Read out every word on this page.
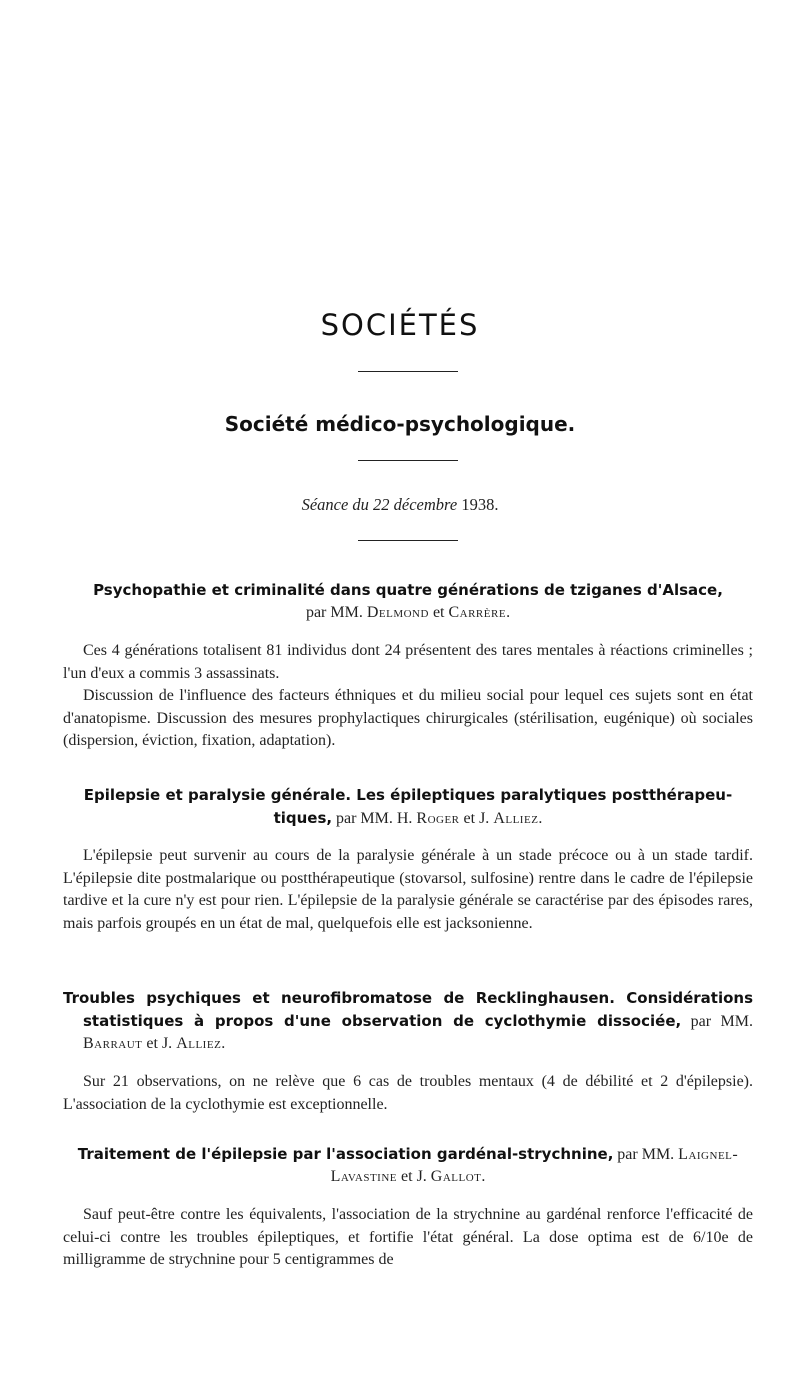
SOCIÉTÉS
Société médico-psychologique.
Séance du 22 décembre 1938.
Psychopathie et criminalité dans quatre générations de tziganes d'Alsace,
par MM. Delmond et Carrère.

Ces 4 générations totalisent 81 individus dont 24 présentent des tares mentales à réactions criminelles ; l'un d'eux a commis 3 assassinats.

Discussion de l'influence des facteurs éthniques et du milieu social pour lequel ces sujets sont en état d'anatopisme. Discussion des mesures prophylactiques chirurgicales (stérilisation, eugénique) où sociales (dispersion, éviction, fixation, adaptation).

Epilepsie et paralysie générale. Les épileptiques paralytiques postthérapeutiques, par MM. H. Roger et J. Alliez.

L'épilepsie peut survenir au cours de la paralysie générale à un stade précoce ou à un stade tardif. L'épilepsie dite postmalarique ou postthérapeutique (stovarsol, sulfosine) rentre dans le cadre de l'épilepsie tardive et la cure n'y est pour rien. L'épilepsie de la paralysie générale se caractérise par des épisodes rares, mais parfois groupés en un état de mal, quelquefois elle est jacksonienne.

Troubles psychiques et neurofibromatose de Recklinghausen. Considérations statistiques à propos d'une observation de cyclothymie dissociée, par MM. Barraut et J. Alliez.

Sur 21 observations, on ne relève que 6 cas de troubles mentaux (4 de débilité et 2 d'épilepsie). L'association de la cyclothymie est exceptionnelle.

Traitement de l'épilepsie par l'association gardénal-strychnine, par MM. Laignel-Lavastine et J. Gallot.

Sauf peut-être contre les équivalents, l'association de la strychnine au gardénal renforce l'efficacité de celui-ci contre les troubles épileptiques, et fortifie l'état général. La dose optima est de 6/10e de milligramme de strychnine pour 5 centigrammes de
